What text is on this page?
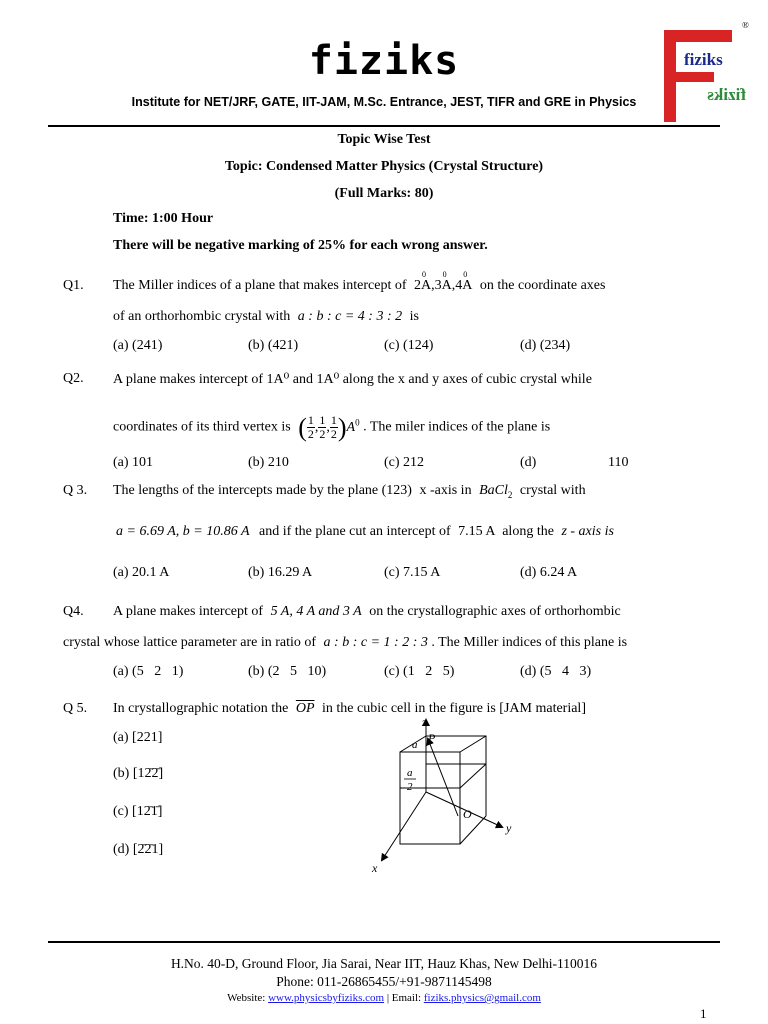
fiziks
Institute for NET/JRF, GATE, IIT-JAM, M.Sc. Entrance, JEST, TIFR and GRE in Physics
fiziks
fiziks
®
Topic Wise Test
Topic: Condensed Matter Physics (Crystal Structure)
(Full Marks: 80)
Time: 1:00 Hour
There will be negative marking of 25% for each wrong answer.
Q1. The Miller indices of a plane that makes intercept of 2A
0
,3A
0
,4A
0
on the coordinate axes
of an orthorhombic crystal with a : b : c = 4 : 3 : 2 is
(a) (241)	(b) (421)	(c) (124)	(d) (234)
Q2. A plane makes intercept of 1A⁰ and 1A⁰ along the x and y axes of cubic crystal while
coordinates of its third vertex is ( $\frac{1}{2}$ , $\frac{1}{2}$ , $\frac{1}{2} )A^0$ . The miler indices of the plane is
(a) 101	(b) 210	(c) 212	(d)	110
Q 3. The lengths of the intercepts made by the plane (123) x -axis in BaCl$_2$ crystal with
a = 6.69 A, b = 10.86 A and if the plane cut an intercept of 7.15 A along the z - axis is
(a) 20.1 A	(b) 16.29 A	(c) 7.15 A	(d) 6.24 A
Q4. A plane makes intercept of 5 A, 4 A and 3 A on the crystallographic axes of orthorhombic
crystal whose lattice parameter are in ratio of a : b : c = 1 : 2 : 3 . The Miller indices of this plane is
(a) (5   2   1)	(b) (2   5   10)	(c) (1   2   5)	(d) (5   4   3)
Q 5. In crystallographic notation the $\overline{OP}$ in the cubic cell in the figure is [JAM material]
(a) [221]
(b) [12̄2̄]
(c) [12̄1̄]
(d) [2̄2̄1]
z
y
x
P
O
a
a
2
H.No. 40-D, Ground Floor, Jia Sarai, Near IIT, Hauz Khas, New Delhi-110016
Phone: 011-26865455/+91-9871145498
Website: www.physicsbyfiziks.com | Email: fiziks.physics@gmail.com
1
